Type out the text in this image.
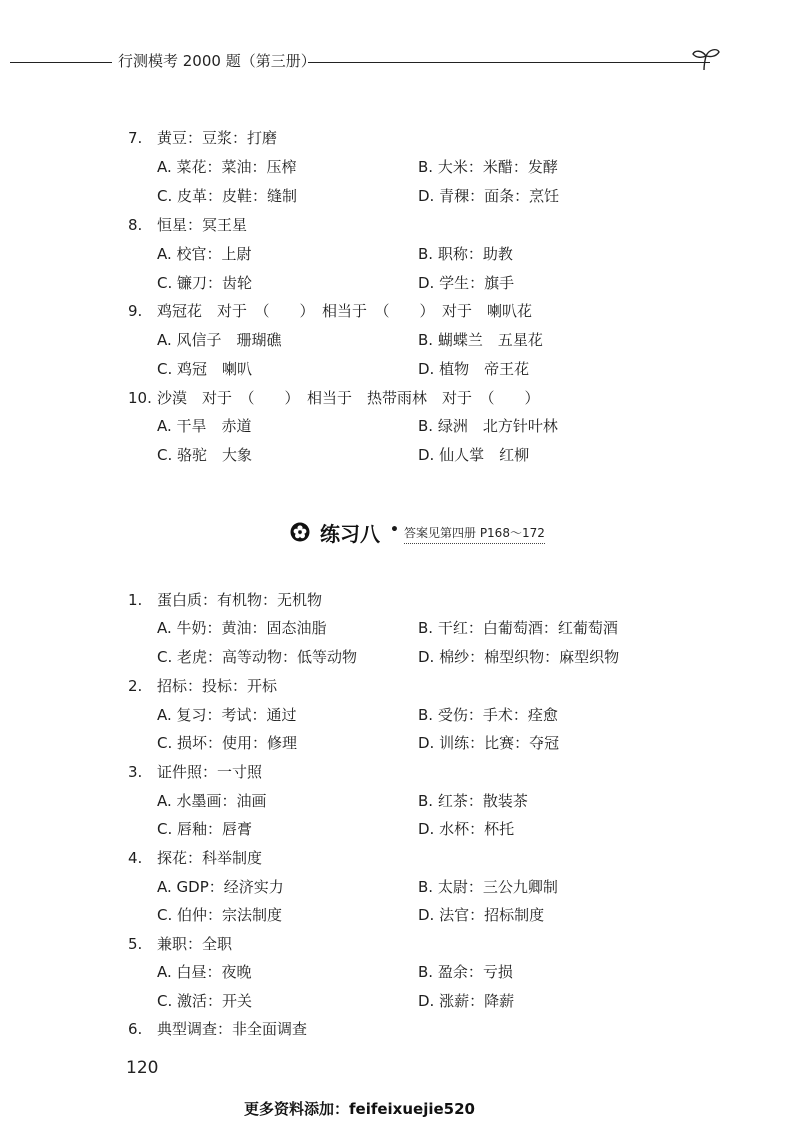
行测模考 2000 题（第三册）
7. 黄豆：豆浆：打磨
A. 菜花：菜油：压榨	B. 大米：米醋：发酵
C. 皮革：皮鞋：缝制	D. 青稞：面条：烹饪
8. 恒星：冥王星
A. 校官：上尉	B. 职称：助教
C. 镰刀：齿轮	D. 学生：旗手
9. 鸡冠花　对于　（　　）　相当于　（　　）　对于　喇叭花
A. 风信子　珊瑚礁	B. 蝴蝶兰　五星花
C. 鸡冠　喇叭	D. 植物　帝王花
10. 沙漠　对于　（　　）　相当于　热带雨林　对于　（　　）
A. 干旱　赤道	B. 绿洲　北方针叶林
C. 骆驼　大象	D. 仙人掌　红柳
练习八 • 答案见第四册 P168～172
1. 蛋白质：有机物：无机物
A. 牛奶：黄油：固态油脂	B. 干红：白葡萄酒：红葡萄酒
C. 老虎：高等动物：低等动物	D. 棉纱：棉型织物：麻型织物
2. 招标：投标：开标
A. 复习：考试：通过	B. 受伤：手术：痊愈
C. 损坏：使用：修理	D. 训练：比赛：夺冠
3. 证件照：一寸照
A. 水墨画：油画	B. 红茶：散装茶
C. 唇釉：唇膏	D. 水杯：杯托
4. 探花：科举制度
A. GDP：经济实力	B. 太尉：三公九卿制
C. 伯仲：宗法制度	D. 法官：招标制度
5. 兼职：全职
A. 白昼：夜晚	B. 盈余：亏损
C. 激活：开关	D. 涨薪：降薪
6. 典型调查：非全面调查
120
更多资料添加：feifeixuejie520
